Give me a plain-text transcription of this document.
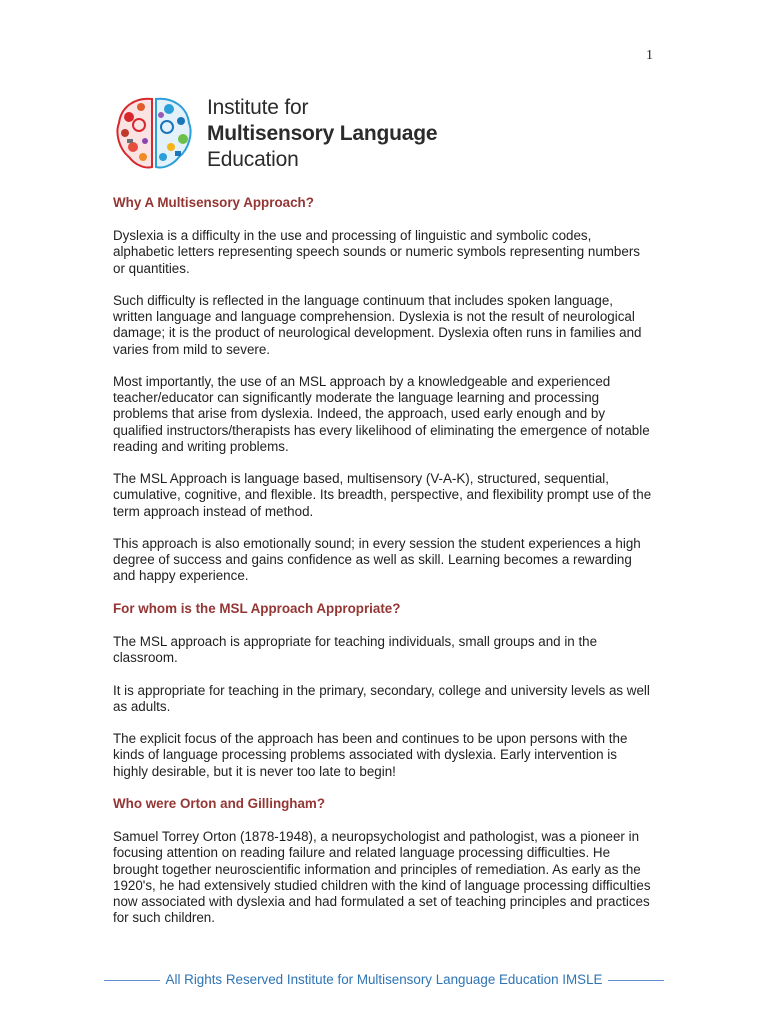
1
Institute for
Multisensory Language
Education
Why A Multisensory Approach?

Dyslexia is a difficulty in the use and processing of linguistic and symbolic codes, alphabetic letters representing speech sounds or numeric symbols representing numbers or quantities.

Such difficulty is reflected in the language continuum that includes spoken language, written language and language comprehension. Dyslexia is not the result of neurological damage; it is the product of neurological development. Dyslexia often runs in families and varies from mild to severe.

Most importantly, the use of an MSL approach by a knowledgeable and experienced teacher/educator can significantly moderate the language learning and processing problems that arise from dyslexia. Indeed, the approach, used early enough and by qualified instructors/therapists has every likelihood of eliminating the emergence of notable reading and writing problems.

The MSL Approach is language based, multisensory (V-A-K), structured, sequential, cumulative, cognitive, and flexible. Its breadth, perspective, and flexibility prompt use of the term approach instead of method.

This approach is also emotionally sound; in every session the student experiences a high degree of success and gains confidence as well as skill. Learning becomes a rewarding and happy experience.

For whom is the MSL Approach Appropriate?

The MSL approach is appropriate for teaching individuals, small groups and in the classroom.

It is appropriate for teaching in the primary, secondary, college and university levels as well as adults.

The explicit focus of the approach has been and continues to be upon persons with the kinds of language processing problems associated with dyslexia. Early intervention is highly desirable, but it is never too late to begin!

Who were Orton and Gillingham?

Samuel Torrey Orton (1878-1948), a neuropsychologist and pathologist, was a pioneer in focusing attention on reading failure and related language processing difficulties. He brought together neuroscientific information and principles of remediation. As early as the 1920's, he had extensively studied children with the kind of language processing difficulties now associated with dyslexia and had formulated a set of teaching principles and practices for such children.

All Rights Reserved Institute for Multisensory Language Education IMSLE
